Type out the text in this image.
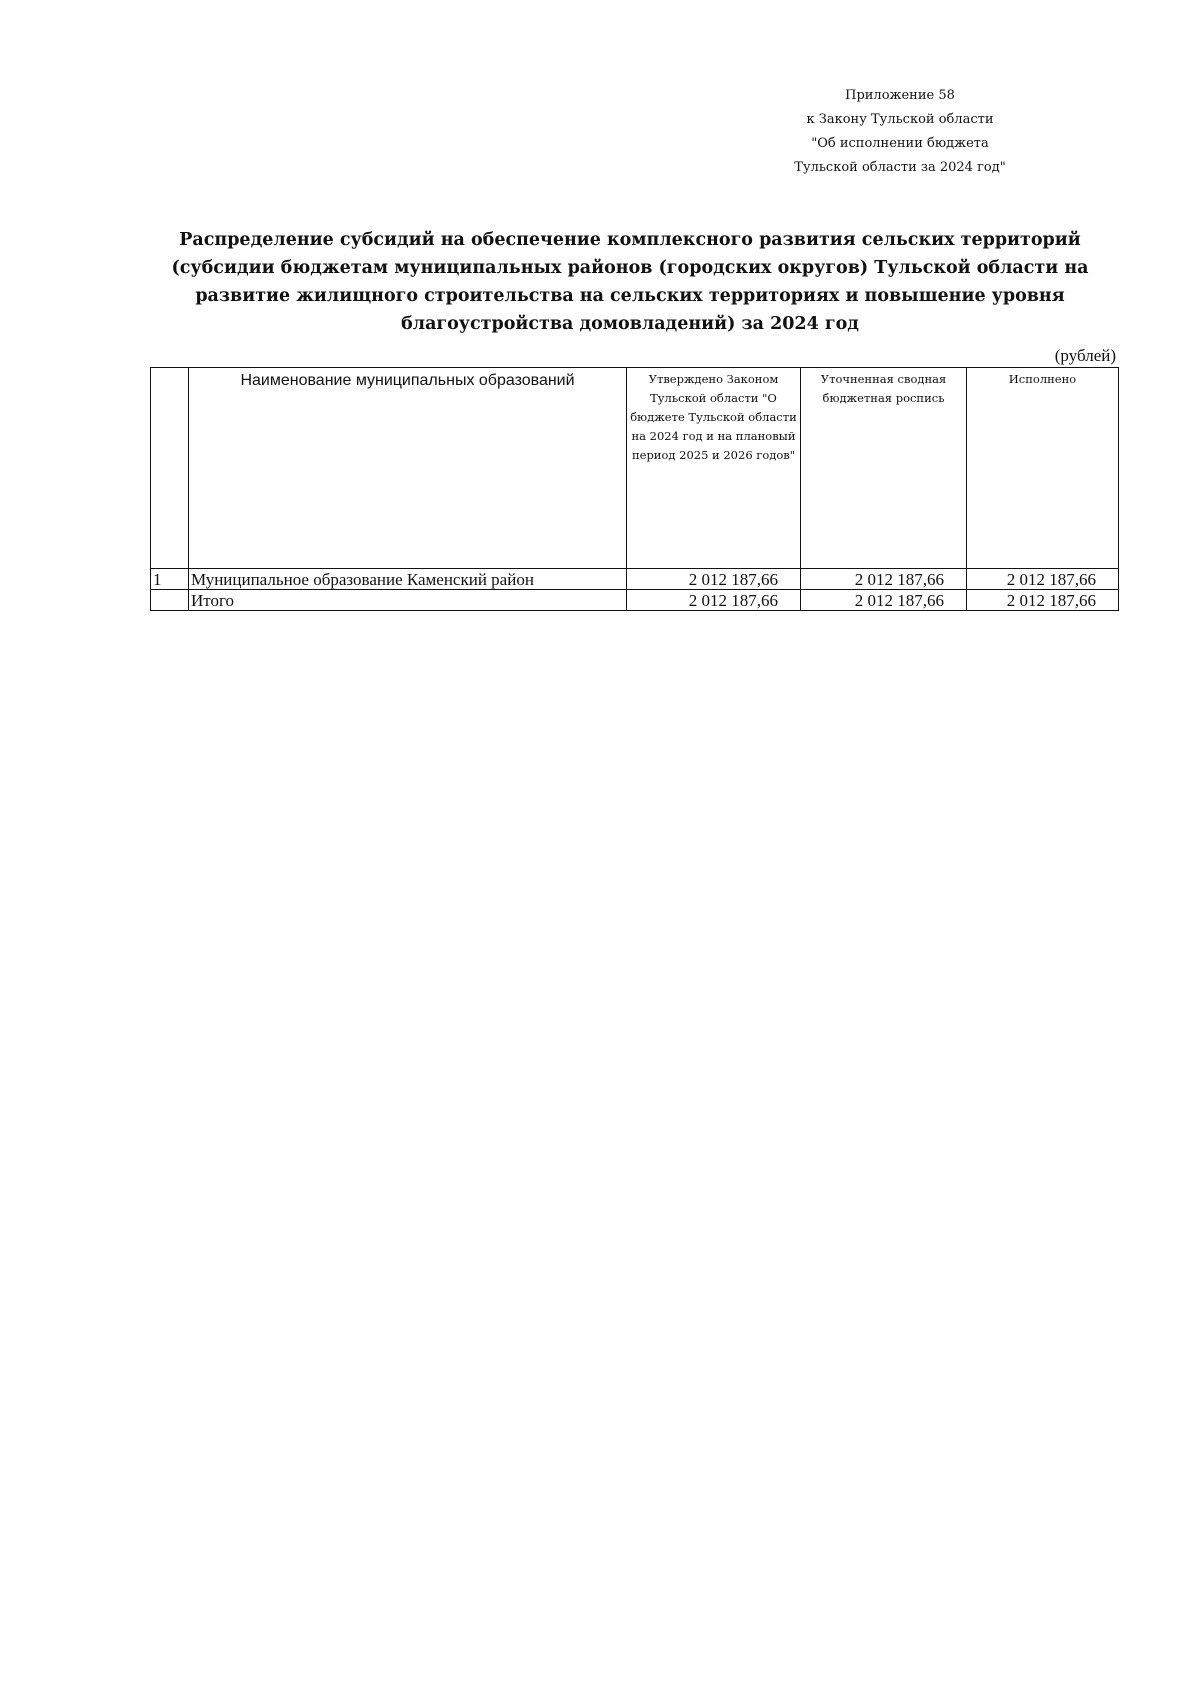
Приложение 58
к Закону Тульской области
"Об исполнении бюджета
Тульской области за 2024 год"
Распределение субсидий на обеспечение комплексного развития сельских территорий (субсидии бюджетам муниципальных районов (городских округов) Тульской области на развитие жилищного строительства на сельских территориях и повышение уровня благоустройства домовладений) за 2024 год
(рублей)
	Наименование муниципальных образований	Утверждено Законом Тульской области "О бюджете Тульской области на 2024 год и на плановый период 2025 и 2026 годов"	Уточненная сводная бюджетная роспись	Исполнено
1	Муниципальное образование Каменский район	2 012 187,66	2 012 187,66	2 012 187,66
	Итого	2 012 187,66	2 012 187,66	2 012 187,66
